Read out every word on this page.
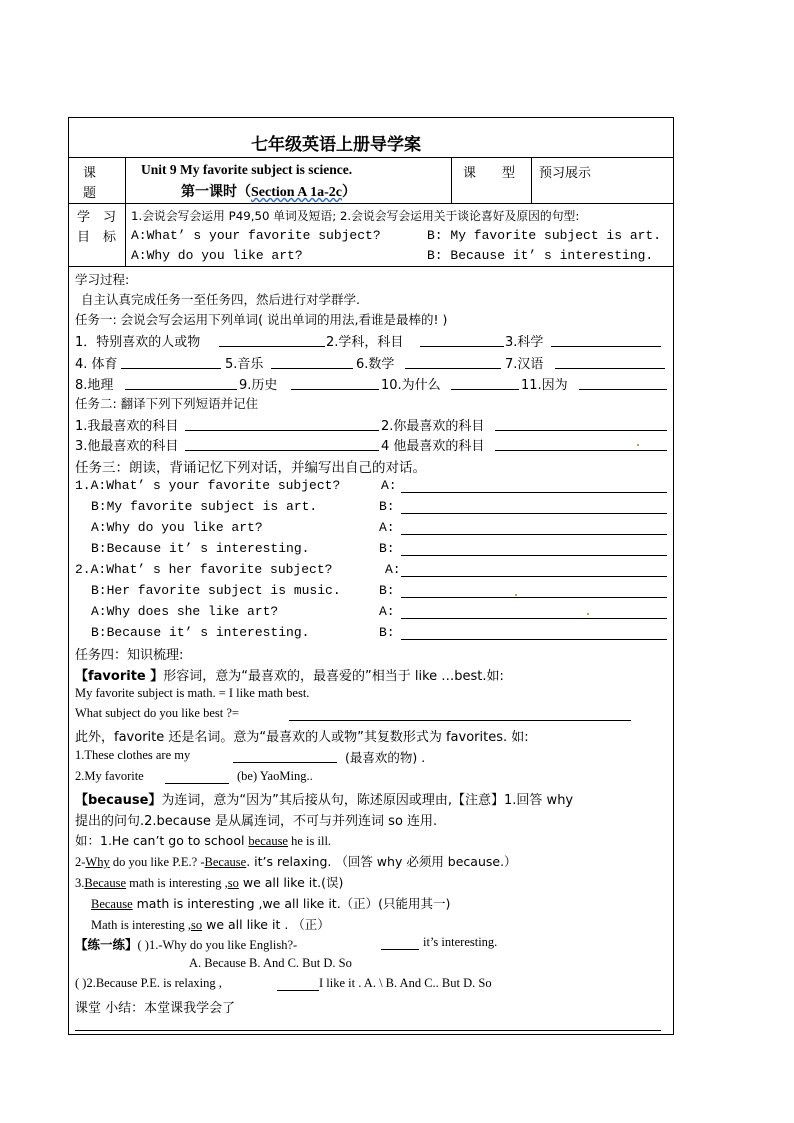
七年级英语上册导学案
课
题
Unit 9 My favorite subject is science.
第一课时（Section A 1a-2c）
课　　型 预习展示
学　习
目　标
1.会说会写会运用 P49,50 单词及短语; 2.会说会写会运用关于谈论喜好及原因的句型:
A:What’ s your favorite subject?	B: My favorite subject is art.
A:Why do you like art?	B: Because it’ s interesting.
学习过程:
自主认真完成任务一至任务四，然后进行对学群学.
任务一: 会说会写会运用下列单词( 说出单词的用法,看谁是最棒的! )
1．特别喜欢的人或物	2.学科，科目	3.科学
4. 体育	5.音乐	6.数学	7.汉语
8.地理	9.历史	10.为什么	11.因为
任务二: 翻译下列下列短语并记住
1.我最喜欢的科目	2.你最喜欢的科目
3.他最喜欢的科目	4 他最喜欢的科目
任务三：朗读，背诵记忆下列对话，并编写出自己的对话。
1.A:What’ s your favorite subject?	A:
B:My favorite subject is art.	B:
A:Why do you like art?	A:
B:Because it’ s interesting.	B:
2.A:What’ s her favorite subject?	A:
B:Her favorite subject is music.	B:
A:Why does she like art?	A:
B:Because it’ s interesting.	B:
任务四：知识梳理:
【favorite 】形容词，意为“最喜欢的，最喜爱的”相当于 like …best.如:
My favorite subject is math. = I like math best.
What subject do you like best ?=
此外，favorite 还是名词。意为“最喜欢的人或物”其复数形式为 favorites. 如:
1.These clothes are my	(最喜欢的物) .
2.My favorite	(be) YaoMing..
【because】为连词，意为“因为”其后接从句，陈述原因或理由,【注意】1.回答 why
提出的问句.2.because 是从属连词，不可与并列连词 so 连用.
如：1.He can’t go to school because he is ill.
2-Why do you like P.E.? -Because. it’s relaxing. （回答 why 必须用 because.）
3.Because math is interesting ,so we all like it.(误)
Because math is interesting ,we all like it.（正）(只能用其一)
Math is interesting ,so we all like it . （正）
【练一练】( )1.-Why do you like English?-	it’s interesting.
A. Because B. And C. But D. So
( )2.Because P.E. is relaxing ,	I like it . A. \ B. And C.. But D. So
课堂 小结：本堂课我学会了
